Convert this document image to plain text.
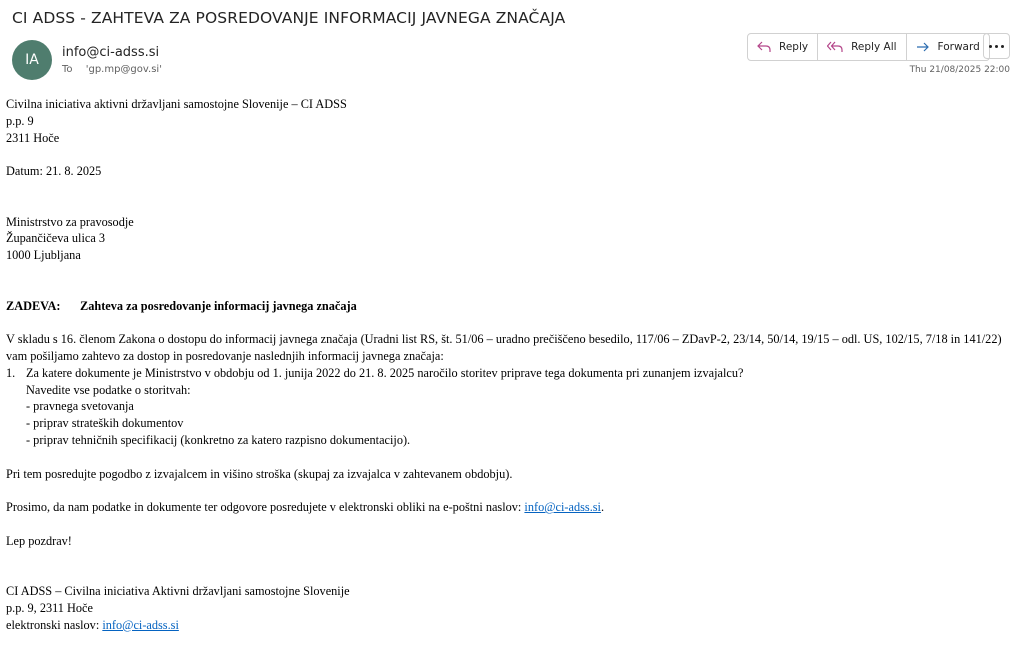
CI ADSS - ZAHTEVA ZA POSREDOVANJE INFORMACIJ JAVNEGA ZNAČAJA
IA	info@ci-adss.si
To 'gp.mp@gov.si'
Reply	Reply All	Forward
Thu 21/08/2025 22:00

Civilna iniciativa aktivni državljani samostojne Slovenije – CI ADSS

p.p. 9

2311 Hoče

Datum: 21. 8. 2025

Ministrstvo za pravosodje

Župančičeva ulica 3

1000 Ljubljana

ZADEVA: Zahteva za posredovanje informacij javnega značaja

V skladu s 16. členom Zakona o dostopu do informacij javnega značaja (Uradni list RS, št. 51/06 – uradno prečiščeno besedilo, 117/06 – ZDavP-2, 23/14, 50/14, 19/15 – odl. US, 102/15, 7/18 in 141/22) vam pošiljamo zahtevo za dostop in posredovanje naslednjih informacij javnega značaja:

1. Za katere dokumente je Ministrstvo v obdobju od 1. junija 2022 do 21. 8. 2025 naročilo storitev priprave tega dokumenta pri zunanjem izvajalcu?

Navedite vse podatke o storitvah:

- pravnega svetovanja

- priprav strateških dokumentov

- priprav tehničnih specifikacij (konkretno za katero razpisno dokumentacijo).

Pri tem posredujte pogodbo z izvajalcem in višino stroška (skupaj za izvajalca v zahtevanem obdobju).

Prosimo, da nam podatke in dokumente ter odgovore posredujete v elektronski obliki na e-poštni naslov: info@ci-adss.si.

Lep pozdrav!

CI ADSS – Civilna iniciativa Aktivni državljani samostojne Slovenije

p.p. 9, 2311 Hoče

elektronski naslov: info@ci-adss.si
